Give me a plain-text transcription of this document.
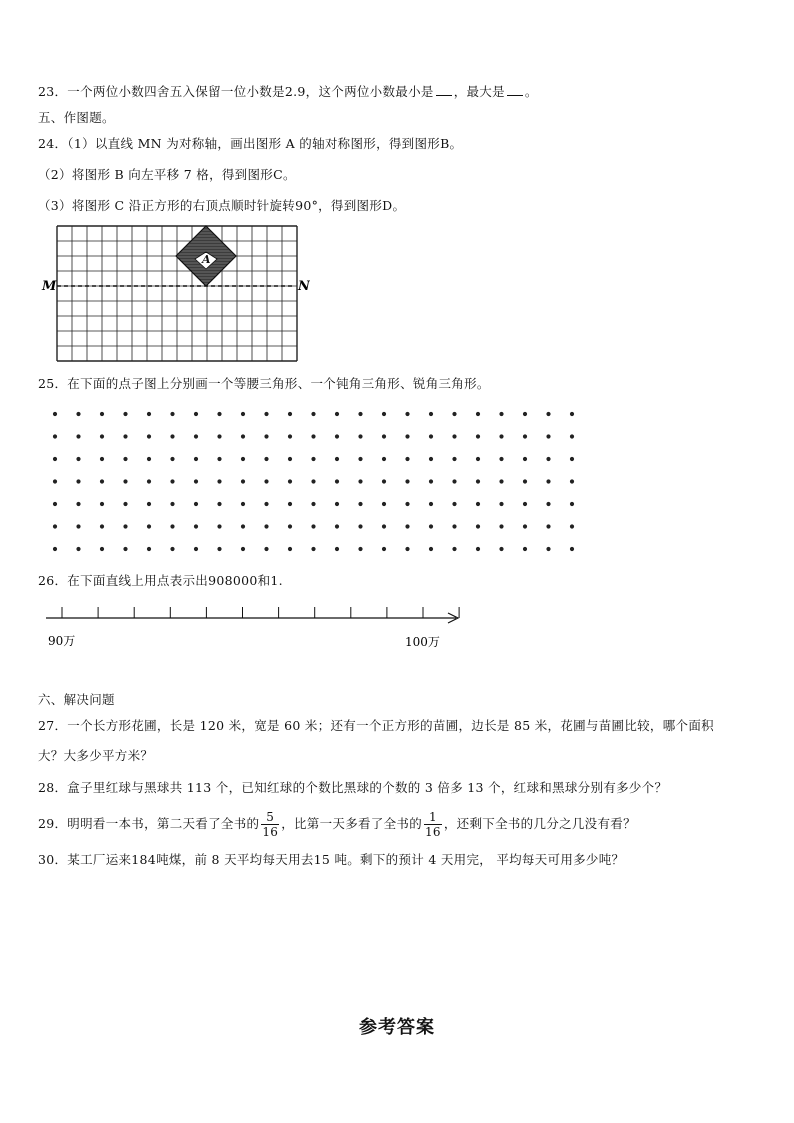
23．一个两位小数四舍五入保留一位小数是2.9，这个两位小数最小是 ，最大是 。
五、作图题。
24．（1）以直线 MN 为对称轴，画出图形 A 的轴对称图形，得到图形B。
（2）将图形 B 向左平移 7 格，得到图形C。
（3）将图形 C 沿正方形的右顶点顺时针旋转90°，得到图形D。
A
M	N
25．在下面的点子图上分别画一个等腰三角形、一个钝角三角形、锐角三角形。
26．在下面直线上用点表示出908000和1.
90万	100万
六、解决问题
27．一个长方形花圃，长是 120 米，宽是 60 米；还有一个正方形的苗圃，边长是 85 米，花圃与苗圃比较，哪个面积
大？大多少平方米？
28．盒子里红球与黑球共 113 个，已知红球的个数比黑球的个数的 3 倍多 13 个，红球和黑球分别有多少个？
29．明明看一本书，第二天看了全书的 $\frac{5}{16}$ ，比第一天多看了全书的 $\frac{1}{16}$ ，还剩下全书的几分之几没有看？
30．某工厂运来184吨煤，前 8 天平均每天用去15 吨。剩下的预计 4 天用完， 平均每天可用多少吨？
参考答案
